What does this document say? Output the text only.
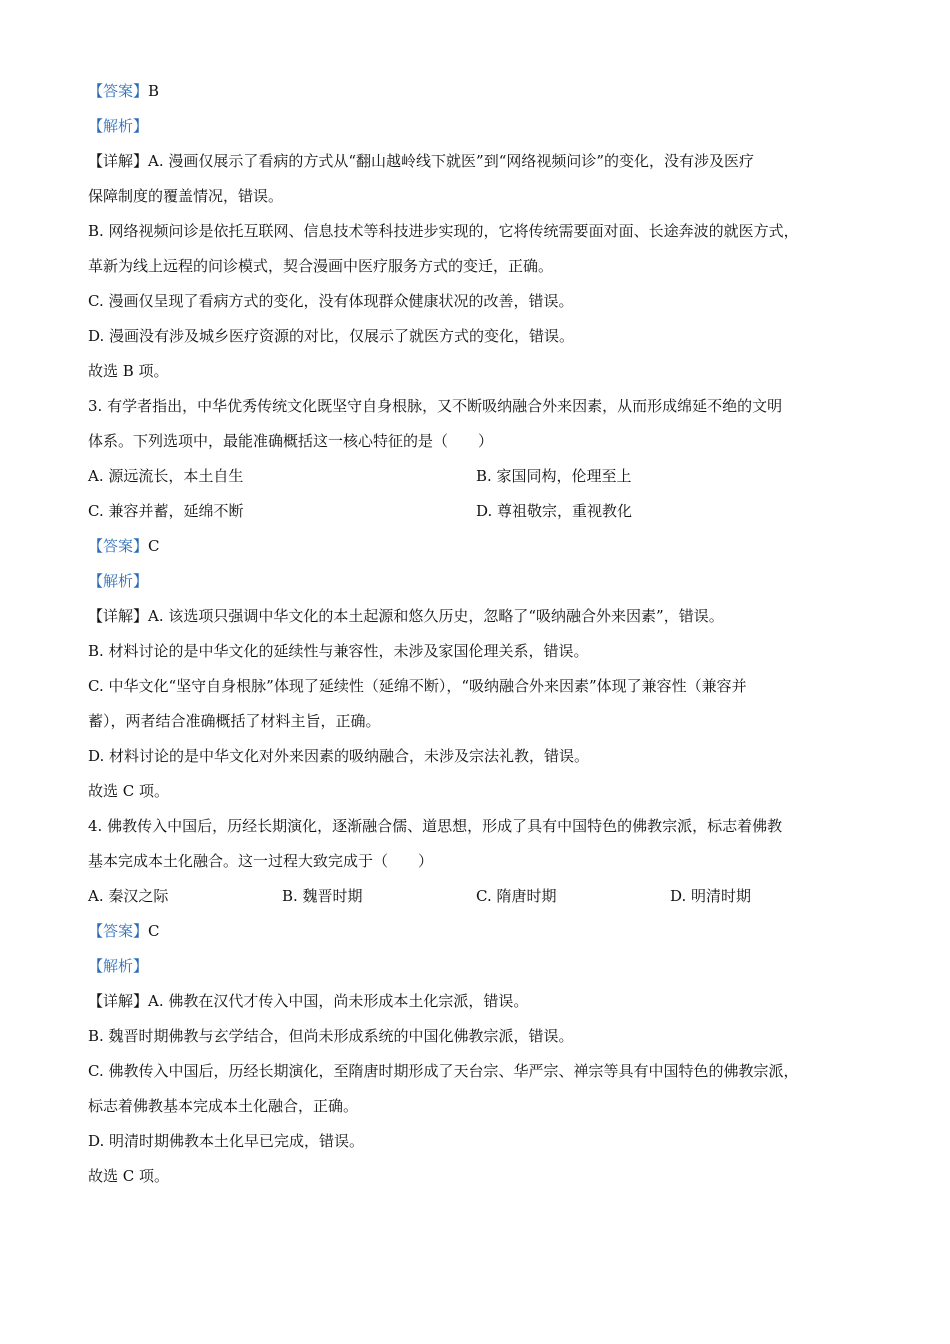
【答案】B
【解析】
【详解】A. 漫画仅展示了看病的方式从“翻山越岭线下就医”到“网络视频问诊”的变化，没有涉及医疗
保障制度的覆盖情况，错误。
B. 网络视频问诊是依托互联网、信息技术等科技进步实现的，它将传统需要面对面、长途奔波的就医方式，
革新为线上远程的问诊模式，契合漫画中医疗服务方式的变迁，正确。
C. 漫画仅呈现了看病方式的变化，没有体现群众健康状况的改善，错误。
D. 漫画没有涉及城乡医疗资源的对比，仅展示了就医方式的变化，错误。
故选 B 项。
3. 有学者指出，中华优秀传统文化既坚守自身根脉，又不断吸纳融合外来因素，从而形成绵延不绝的文明
体系。下列选项中，最能准确概括这一核心特征的是（　　）
A. 源远流长，本土自生	B. 家国同构，伦理至上
C. 兼容并蓄，延绵不断	D. 尊祖敬宗，重视教化
【答案】C
【解析】
【详解】A. 该选项只强调中华文化的本土起源和悠久历史，忽略了“吸纳融合外来因素”，错误。
B. 材料讨论的是中华文化的延续性与兼容性，未涉及家国伦理关系，错误。
C. 中华文化“坚守自身根脉”体现了延续性（延绵不断），“吸纳融合外来因素”体现了兼容性（兼容并
蓄），两者结合准确概括了材料主旨，正确。
D. 材料讨论的是中华文化对外来因素的吸纳融合，未涉及宗法礼教，错误。
故选 C 项。
4. 佛教传入中国后，历经长期演化，逐渐融合儒、道思想，形成了具有中国特色的佛教宗派，标志着佛教
基本完成本土化融合。这一过程大致完成于（　　）
A. 秦汉之际	B. 魏晋时期	C. 隋唐时期	D. 明清时期
【答案】C
【解析】
【详解】A. 佛教在汉代才传入中国，尚未形成本土化宗派，错误。
B. 魏晋时期佛教与玄学结合，但尚未形成系统的中国化佛教宗派，错误。
C. 佛教传入中国后，历经长期演化，至隋唐时期形成了天台宗、华严宗、禅宗等具有中国特色的佛教宗派，
标志着佛教基本完成本土化融合，正确。
D. 明清时期佛教本土化早已完成，错误。
故选 C 项。
